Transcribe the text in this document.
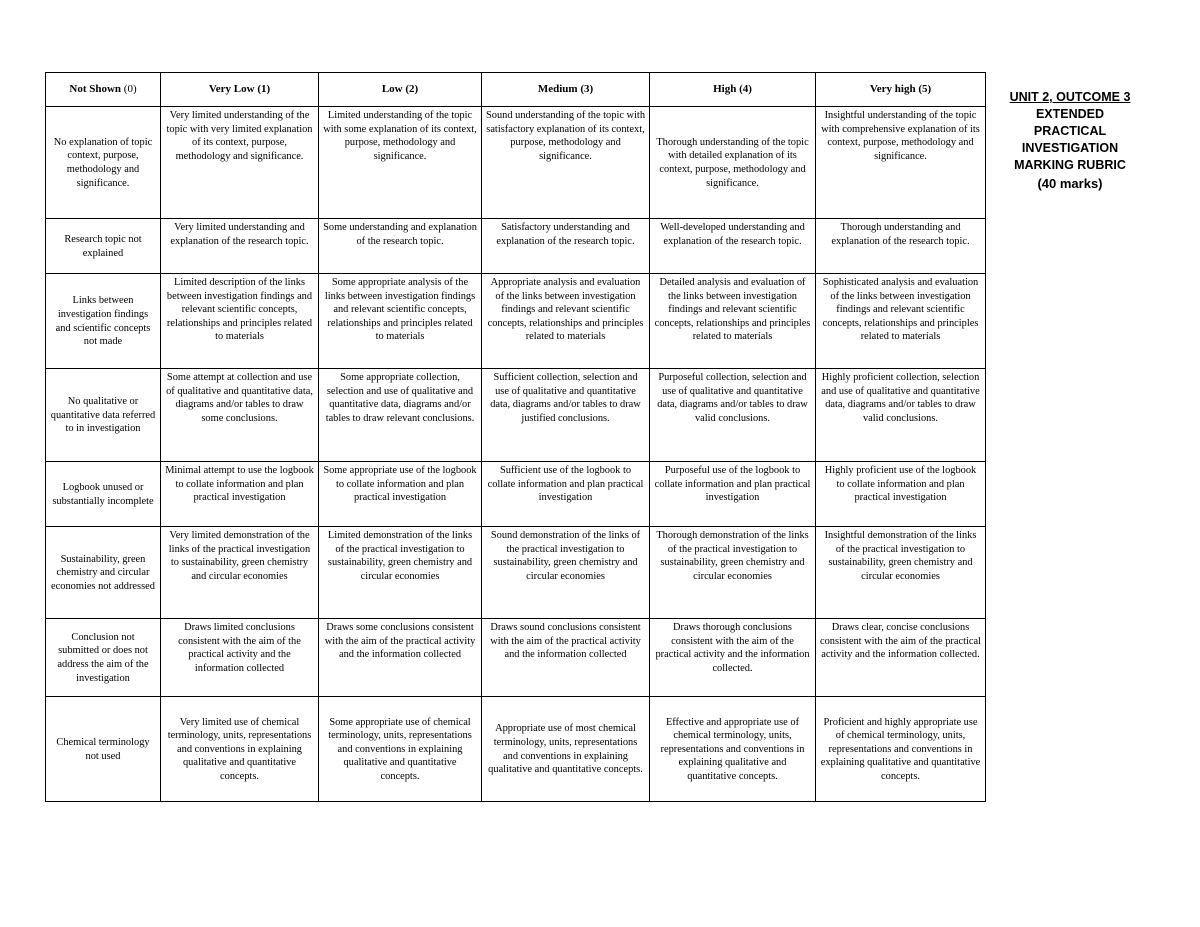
Not Shown (0)	Very Low (1)	Low (2)	Medium (3)	High (4)	Very high (5)
No explanation of topic context, purpose, methodology and significance.	Very limited understanding of the topic with very limited explanation of its context, purpose, methodology and significance.	Limited understanding of the topic with some explanation of its context, purpose, methodology and significance.	Sound understanding of the topic with satisfactory explanation of its context, purpose, methodology and significance.	Thorough understanding of the topic with detailed explanation of its context, purpose, methodology and significance.	Insightful understanding of the topic with comprehensive explanation of its context, purpose, methodology and significance.
Research topic not explained	Very limited understanding and explanation of the research topic.	Some understanding and explanation of the research topic.	Satisfactory understanding and explanation of the research topic.	Well-developed understanding and explanation of the research topic.	Thorough understanding and explanation of the research topic.
Links between investigation findings and scientific concepts not made	Limited description of the links between investigation findings and relevant scientific concepts, relationships and principles related to materials	Some appropriate analysis of the links between investigation findings and relevant scientific concepts, relationships and principles related to materials	Appropriate analysis and evaluation of the links between investigation findings and relevant scientific concepts, relationships and principles related to materials	Detailed analysis and evaluation of the links between investigation findings and relevant scientific concepts, relationships and principles related to materials	Sophisticated analysis and evaluation of the links between investigation findings and relevant scientific concepts, relationships and principles related to materials
No qualitative or quantitative data referred to in investigation	Some attempt at collection and use of qualitative and quantitative data, diagrams and/or tables to draw some conclusions.	Some appropriate collection, selection and use of qualitative and quantitative data, diagrams and/or tables to draw relevant conclusions.	Sufficient collection, selection and use of qualitative and quantitative data, diagrams and/or tables to draw justified conclusions.	Purposeful collection, selection and use of qualitative and quantitative data, diagrams and/or tables to draw valid conclusions.	Highly proficient collection, selection and use of qualitative and quantitative data, diagrams and/or tables to draw valid conclusions.
Logbook unused or substantially incomplete	Minimal attempt to use the logbook to collate information and plan practical investigation	Some appropriate use of the logbook to collate information and plan practical investigation	Sufficient use of the logbook to collate information and plan practical investigation	Purposeful use of the logbook to collate information and plan practical investigation	Highly proficient use of the logbook to collate information and plan practical investigation
Sustainability, green chemistry and circular economies not addressed	Very limited demonstration of the links of the practical investigation to sustainability, green chemistry and circular economies	Limited demonstration of the links of the practical investigation to sustainability, green chemistry and circular economies	Sound demonstration of the links of the practical investigation to sustainability, green chemistry and circular economies	Thorough demonstration of the links of the practical investigation to sustainability, green chemistry and circular economies	Insightful demonstration of the links of the practical investigation to sustainability, green chemistry and circular economies
Conclusion not submitted or does not address the aim of the investigation	Draws limited conclusions consistent with the aim of the practical activity and the information collected	Draws some conclusions consistent with the aim of the practical activity and the information collected	Draws sound conclusions consistent with the aim of the practical activity and the information collected	Draws thorough conclusions consistent with the aim of the practical activity and the information collected.	Draws clear, concise conclusions consistent with the aim of the practical activity and the information collected.
Chemical terminology not used	Very limited use of chemical terminology, units, representations and conventions in explaining qualitative and quantitative concepts.	Some appropriate use of chemical terminology, units, representations and conventions in explaining qualitative and quantitative concepts.	Appropriate use of most chemical terminology, units, representations and conventions in explaining qualitative and quantitative concepts.	Effective and appropriate use of chemical terminology, units, representations and conventions in explaining qualitative and quantitative concepts.	Proficient and highly appropriate use of chemical terminology, units, representations and conventions in explaining qualitative and quantitative concepts.
UNIT 2, OUTCOME 3
EXTENDED
PRACTICAL
INVESTIGATION
MARKING RUBRIC
(40 marks)
